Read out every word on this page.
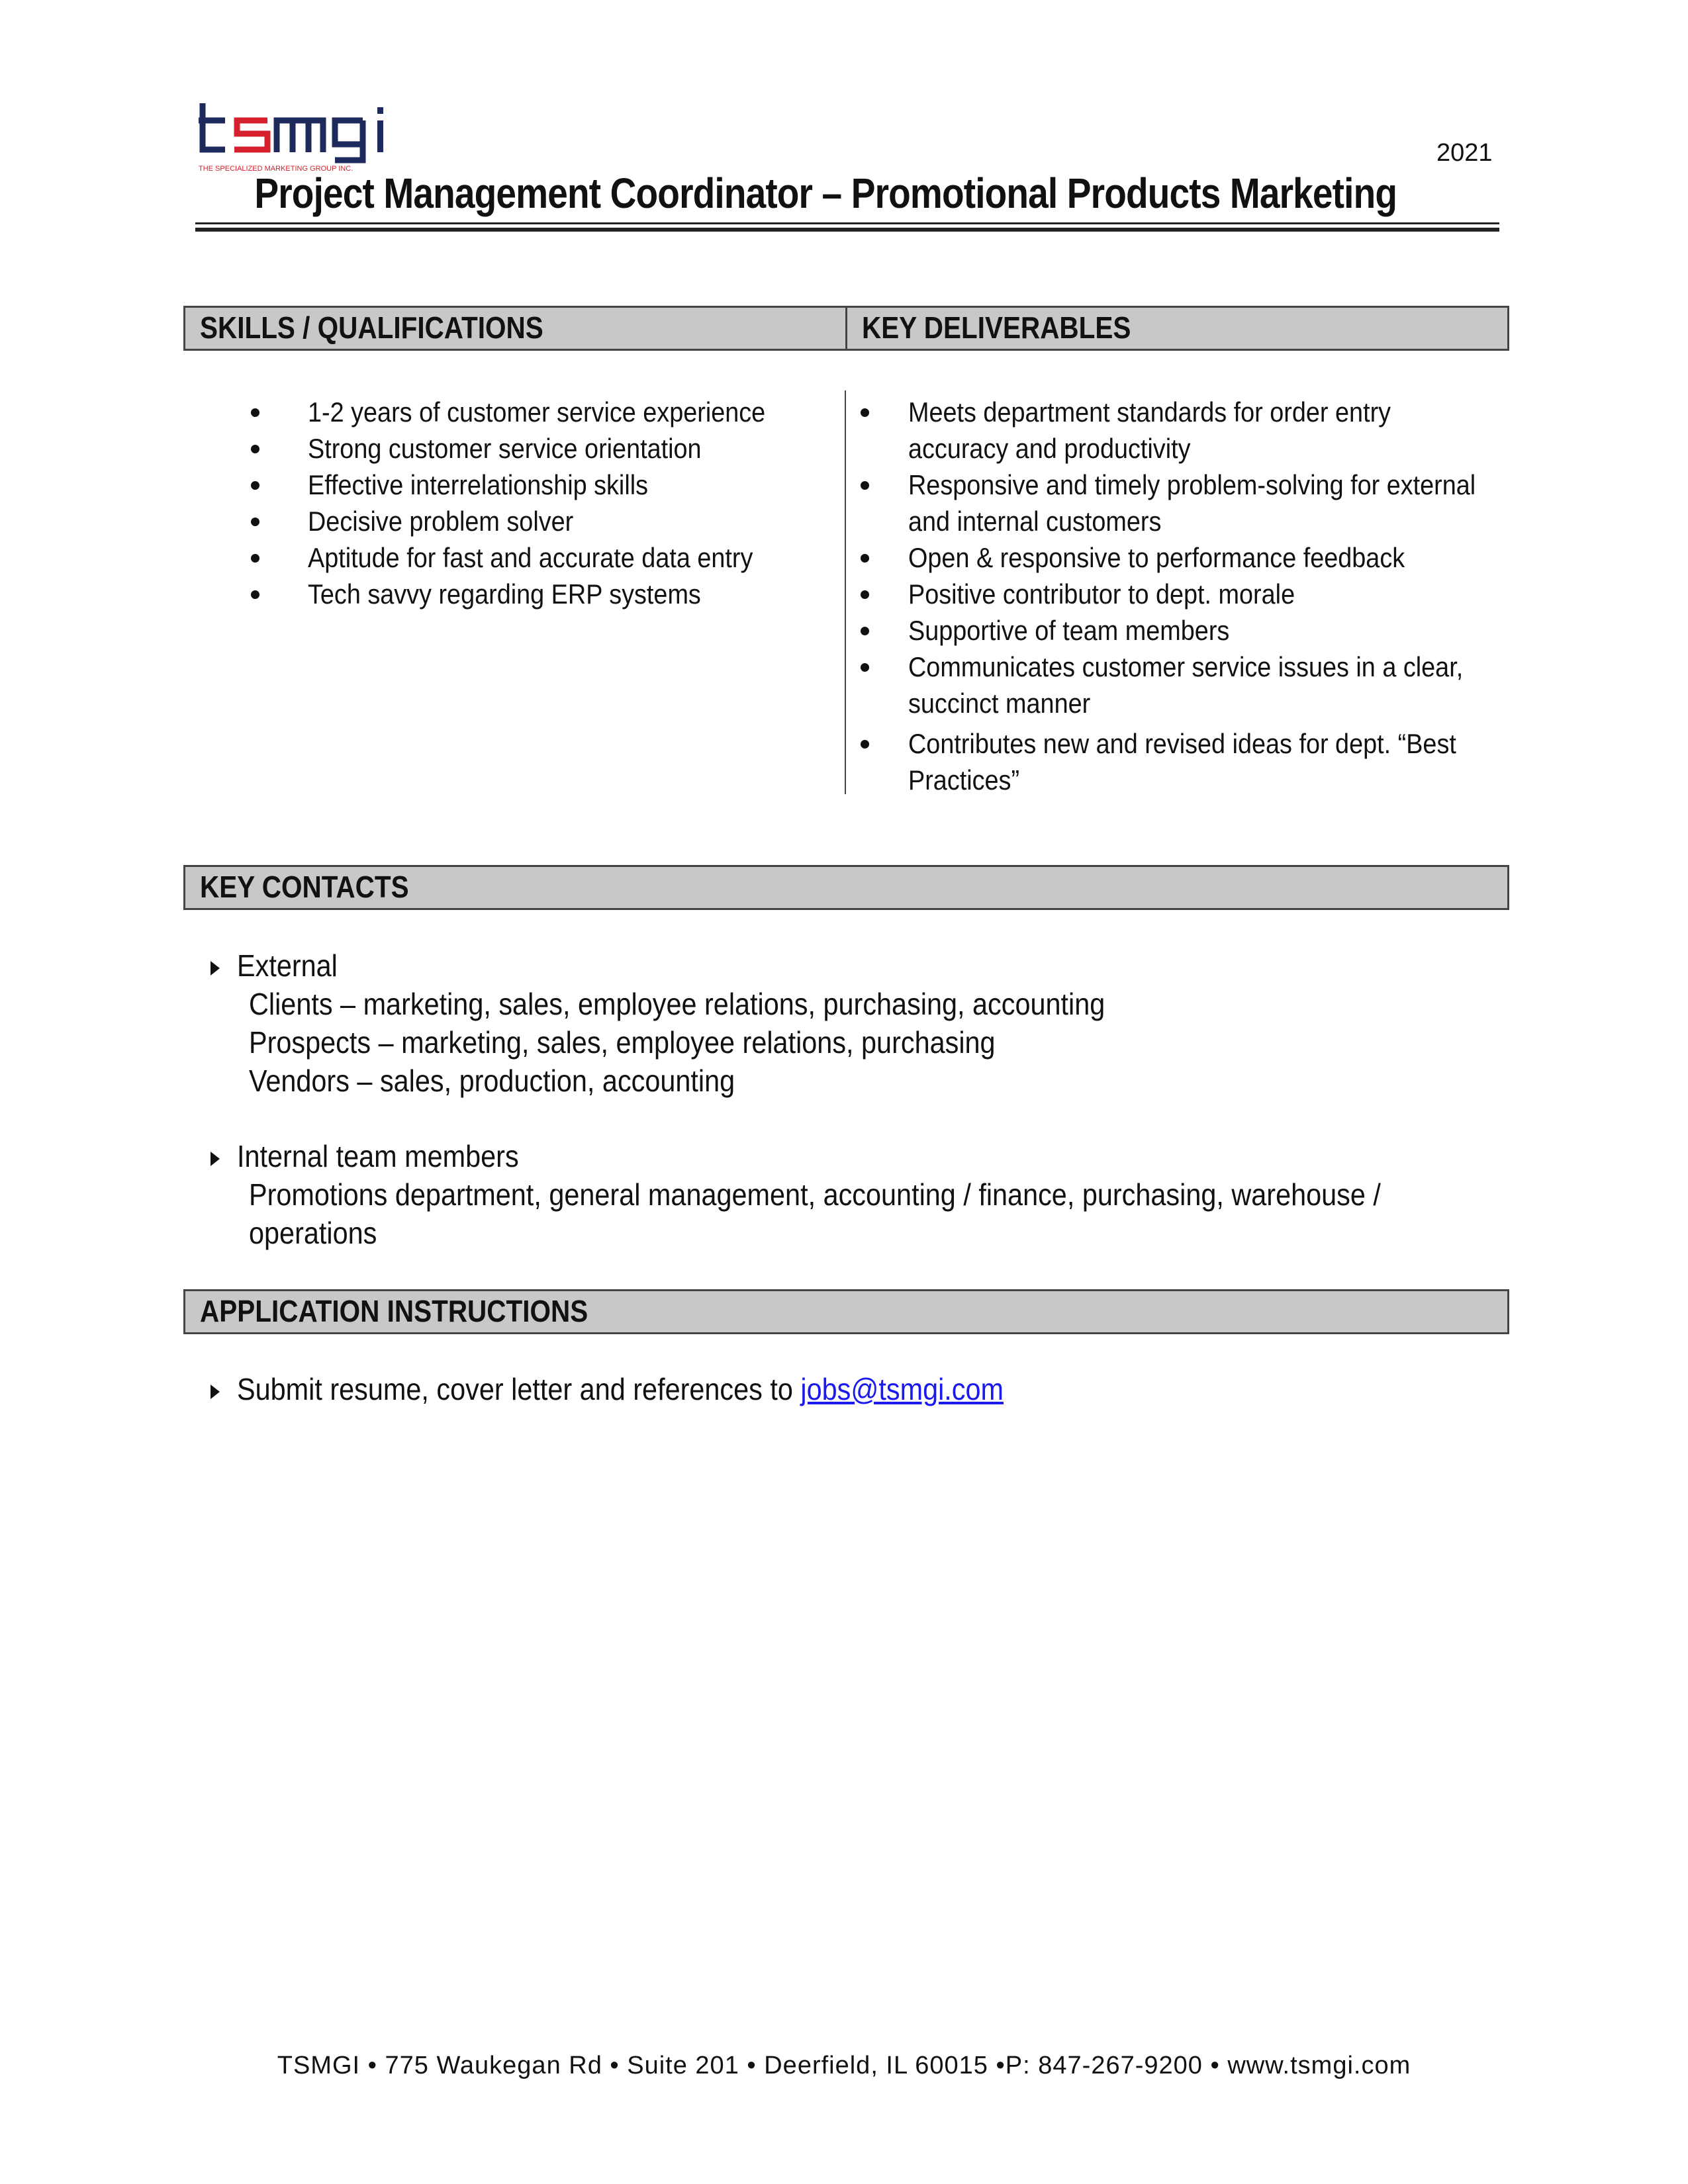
THE SPECIALIZED MARKETING GROUP INC.
2021
Project Management Coordinator – Promotional Products Marketing
SKILLS / QUALIFICATIONS	KEY DELIVERABLES
1-2 years of customer service experience
Strong customer service orientation
Effective interrelationship skills
Decisive problem solver
Aptitude for fast and accurate data entry
Tech savvy regarding ERP systems
Meets department standards for order entry
accuracy and productivity
Responsive and timely problem-solving for external
and internal customers
Open & responsive to performance feedback
Positive contributor to dept. morale
Supportive of team members
Communicates customer service issues in a clear,
succinct manner
Contributes new and revised ideas for dept. “Best
Practices”
KEY CONTACTS
External
Clients – marketing, sales, employee relations, purchasing, accounting
Prospects – marketing, sales, employee relations, purchasing
Vendors – sales, production, accounting
Internal team members
Promotions department, general management, accounting / finance, purchasing, warehouse /
operations
APPLICATION INSTRUCTIONS
Submit resume, cover letter and references to jobs@tsmgi.com
TSMGI • 775 Waukegan Rd • Suite 201 • Deerfield, IL 60015 •P: 847-267-9200 • www.tsmgi.com
